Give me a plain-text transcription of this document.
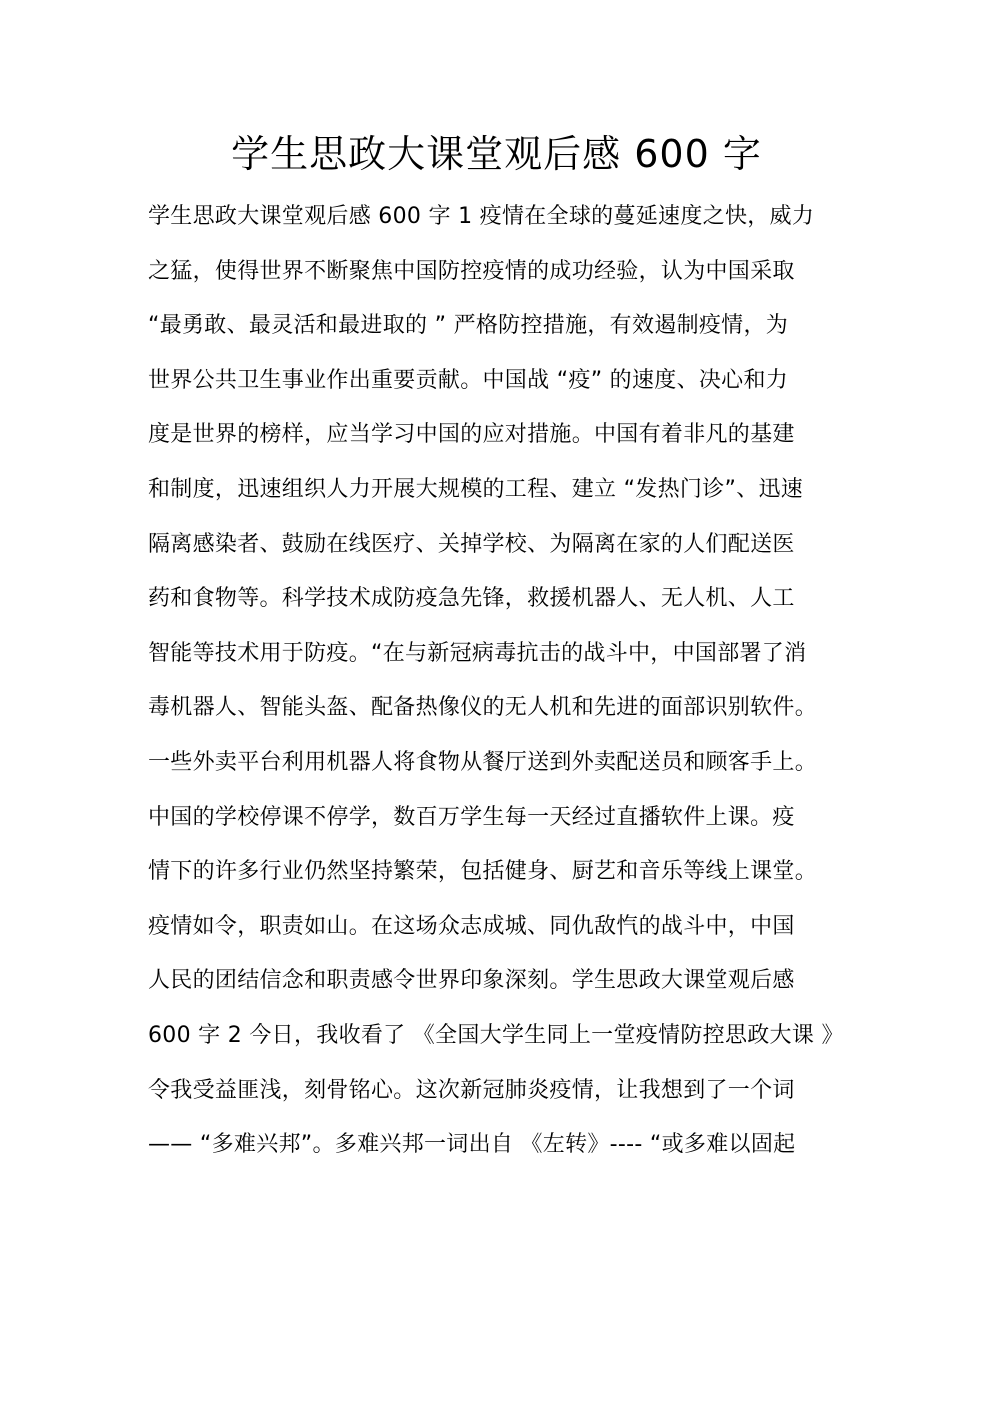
学生思政大课堂观后感 600 字
学生思政大课堂观后感 600 字 1 疫情在全球的蔓延速度之快，威力
之猛，使得世界不断聚焦中国防控疫情的成功经验，认为中国采取
“最勇敢、最灵活和最进取的 ” 严格防控措施，有效遏制疫情，为
世界公共卫生事业作出重要贡献。中国战 “疫” 的速度、决心和力
度是世界的榜样，应当学习中国的应对措施。中国有着非凡的基建
和制度，迅速组织人力开展大规模的工程、建立 “发热门诊”、迅速
隔离感染者、鼓励在线医疗、关掉学校、为隔离在家的人们配送医
药和食物等。科学技术成防疫急先锋，救援机器人、无人机、人工
智能等技术用于防疫。“在与新冠病毒抗击的战斗中，中国部署了消
毒机器人、智能头盔、配备热像仪的无人机和先进的面部识别软件。
一些外卖平台利用机器人将食物从餐厅送到外卖配送员和顾客手上。
中国的学校停课不停学，数百万学生每一天经过直播软件上课。疫
情下的许多行业仍然坚持繁荣，包括健身、厨艺和音乐等线上课堂。
疫情如令，职责如山。在这场众志成城、同仇敌忾的战斗中，中国
人民的团结信念和职责感令世界印象深刻。学生思政大课堂观后感
600 字 2 今日，我收看了 《全国大学生同上一堂疫情防控思政大课 》
令我受益匪浅，刻骨铭心。这次新冠肺炎疫情，让我想到了一个词
—— “多难兴邦”。多难兴邦一词出自 《左转》---- “或多难以固起
